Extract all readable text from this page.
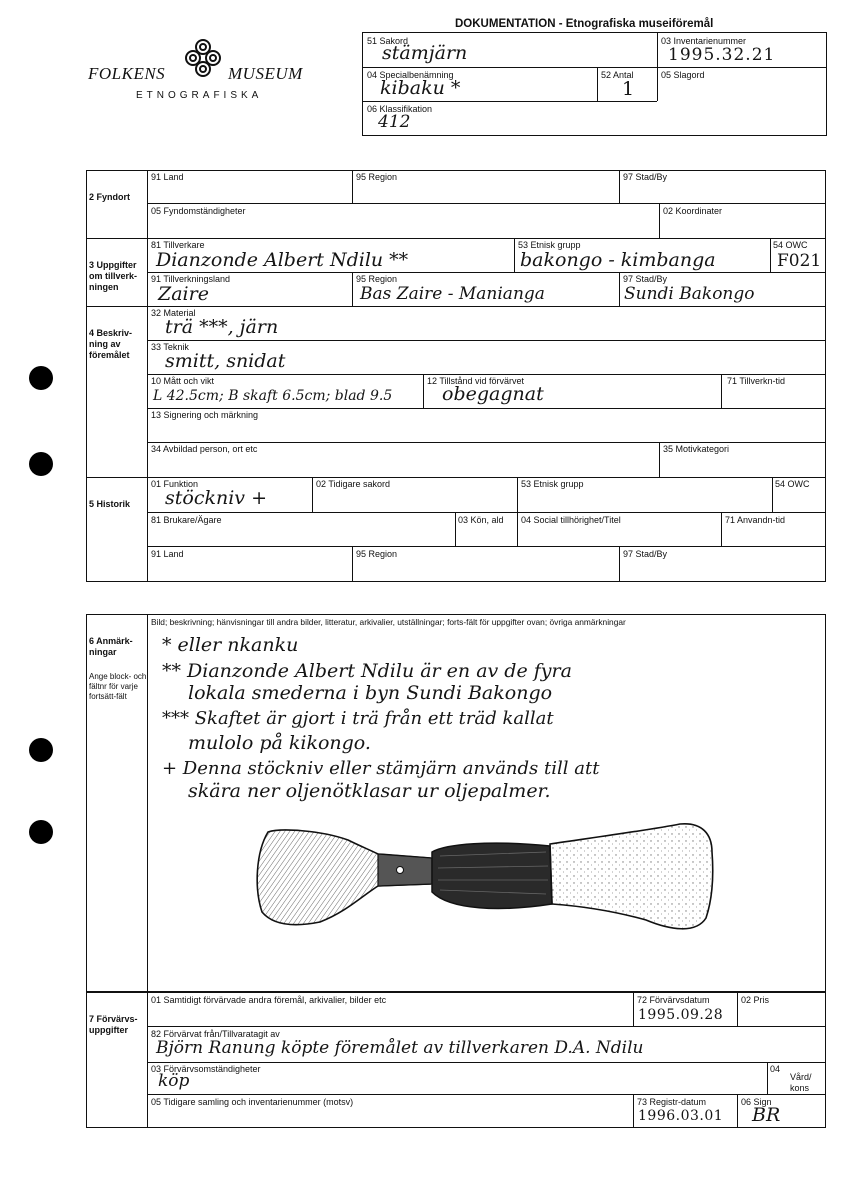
FOLKENS	MUSEUM
ETNOGRAFISKA
DOKUMENTATION - Etnografiska museiföremål
51 Sakord
stämjärn
03 Inventarienummer
1995.32.21
04 Specialbenämning
kibaku *
52 Antal
1
05 Slagord
06 Klassifikation
412
2 Fyndort
91 Land	95 Region	97 Stad/By
05 Fyndomständigheter	02 Koordinater
3 Uppgifter om tillverk-ningen
81 Tillverkare
Dianzonde Albert Ndilu **
53 Etnisk grupp
bakongo - kimbanga
54 OWC
F021
91 Tillverkningsland
Zaire
95 Region
Bas Zaire - Manianga
97 Stad/By
Sundi Bakongo
4 Beskriv-ning av föremålet
32 Material
trä ***, järn
33 Teknik
smitt, snidat
10 Mått och vikt
L 42.5cm; B skaft 6.5cm; blad 9.5
12 Tillstånd vid förvärvet
obegagnat
71 Tillverkn-tid
13 Signering och märkning
34 Avbildad person, ort etc	35 Motivkategori
5 Historik
01 Funktion
stöckniv +
02 Tidigare sakord	53 Etnisk grupp	54 OWC
81 Brukare/Ägare	03 Kön, ald 04 Social tillhörighet/Titel	71 Anvandn-tid
91 Land	95 Region	97 Stad/By
6 Anmärk-ningar
Ange block- och fältnr för varje fortsätt-fält
Bild; beskrivning; hänvisningar till andra bilder, litteratur, arkivalier, utställningar; forts-fält för uppgifter ovan; övriga anmärkningar
* eller nkanku
** Dianzonde Albert Ndilu är en av de fyra
lokala smederna i byn Sundi Bakongo
*** Skaftet är gjort i trä från ett träd kallat
mulolo på kikongo.
+ Denna stöckniv eller stämjärn används till att
skära ner oljenötklasar ur oljepalmer.
7 Förvärvs-uppgifter
01 Samtidigt förvärvade andra föremål, arkivalier, bilder etc	72 Förvärvsdatum
1995.09.28
02 Pris
82 Förvärvat från/Tillvaratagit av
Björn Ranung köpte föremålet av tillverkaren D.A. Ndilu
03 Förvärvsomständigheter
köp
04
Vård/ kons
05 Tidigare samling och inventarienummer (motsv)	73 Registr-datum
1996.03.01
06 Sign
BR
